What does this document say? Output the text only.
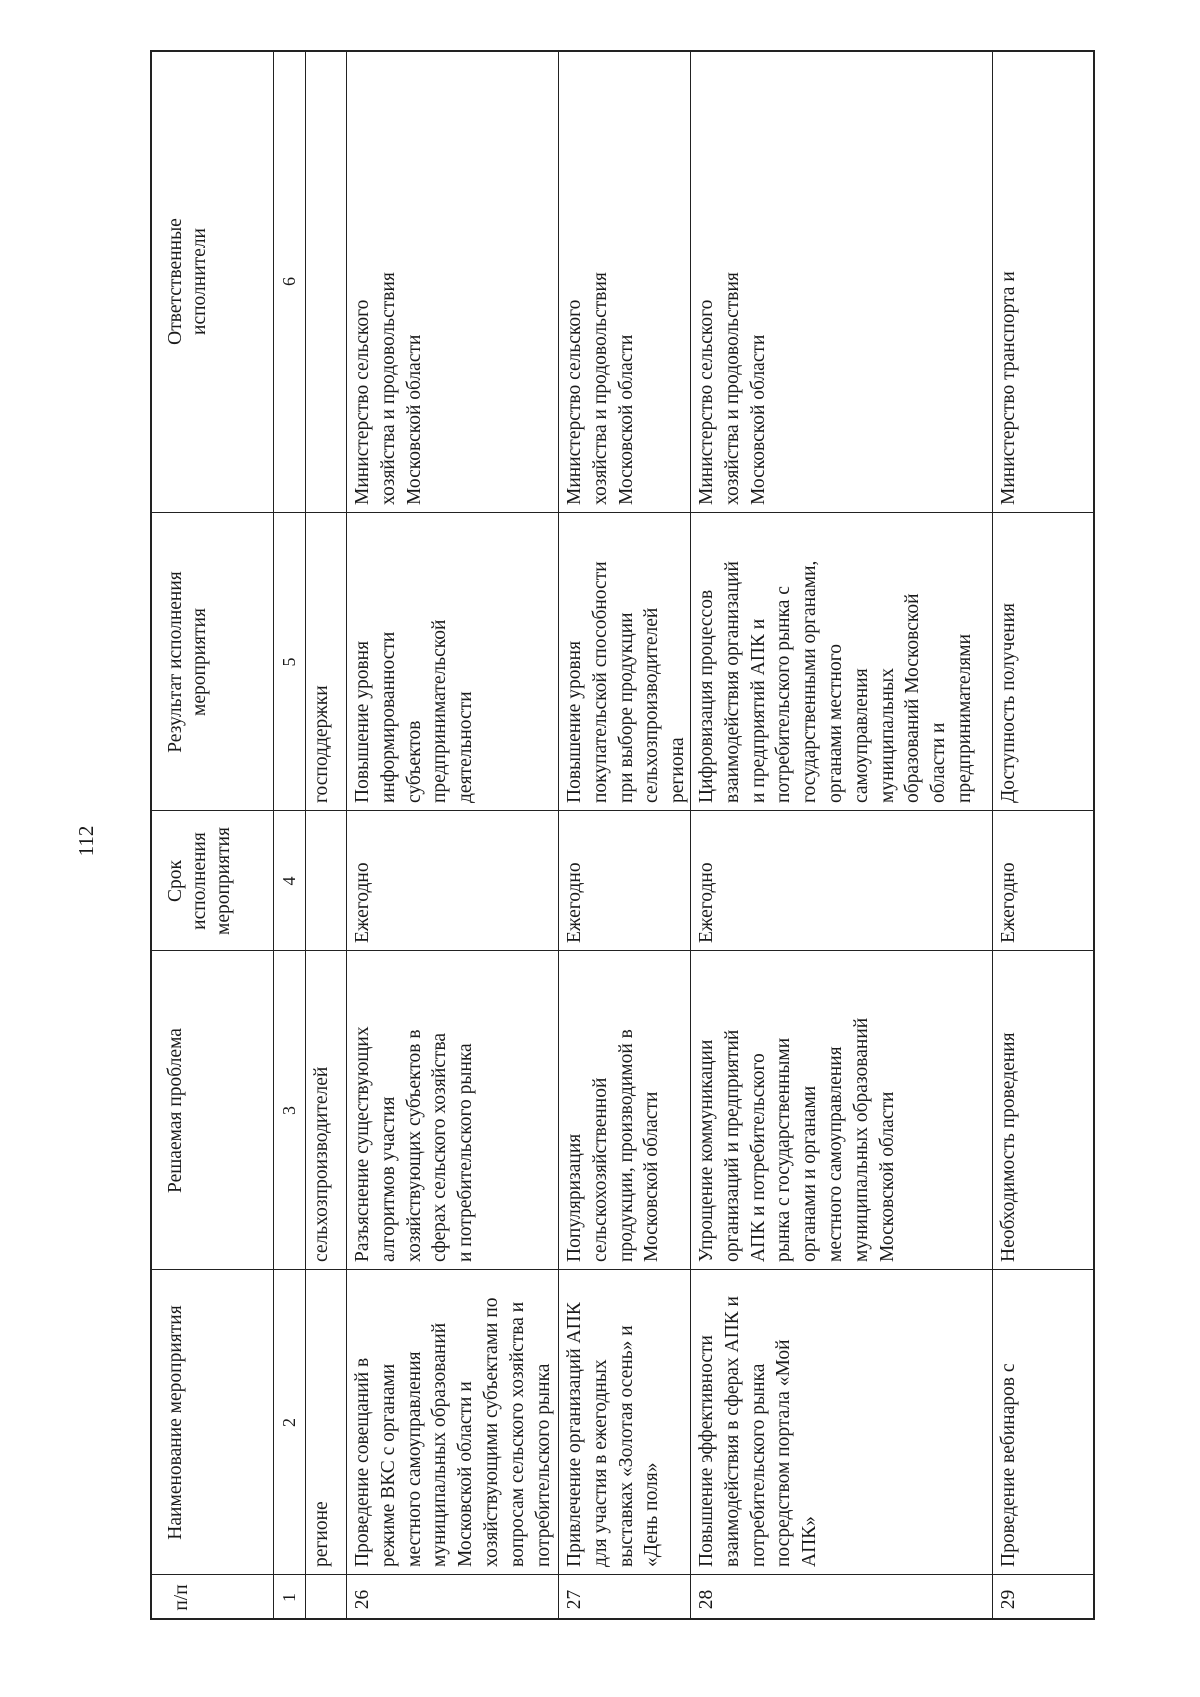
112
п/п
Наименование мероприятия
Решаемая проблема
Срок исполнения мероприятия
Результат исполнения мероприятия
Ответственные исполнители
1
2
3
4
5
6
регионе
сельхозпроизводителей
господдержки
26
Проведение совещаний в
режиме ВКС с органами
местного самоуправления
муниципальных образований
Московской области и
хозяйствующими субъектами по
вопросам сельского хозяйства и
потребительского рынка
Разъяснение существующих
алгоритмов участия
хозяйствующих субъектов в
сферах сельского хозяйства
и потребительского рынка
Ежегодно
Повышение уровня
информированности
субъектов
предпринимательской
деятельности
Министерство сельского
хозяйства и продовольствия
Московской области
27
Привлечение организаций АПК
для участия в ежегодных
выставках «Золотая осень» и
«День поля»
Популяризация
сельскохозяйственной
продукции, производимой в
Московской области
Ежегодно
Повышение уровня
покупательской способности
при выборе продукции
сельхозпроизводителей
региона
Министерство сельского
хозяйства и продовольствия
Московской области
28
Повышение эффективности
взаимодействия в сферах АПК и
потребительского рынка
посредством портала «Мой
АПК»
Упрощение коммуникации
организаций и предприятий
АПК и потребительского
рынка с государственными
органами и органами
местного самоуправления
муниципальных образований
Московской области
Ежегодно
Цифровизация процессов
взаимодействия организаций
и предприятий АПК и
потребительского рынка с
государственными органами,
органами местного
самоуправления
муниципальных
образований Московской
области и
предпринимателями
Министерство сельского
хозяйства и продовольствия
Московской области
29
Проведение вебинаров с
Необходимость проведения
Ежегодно
Доступность получения
Министерство транспорта и
